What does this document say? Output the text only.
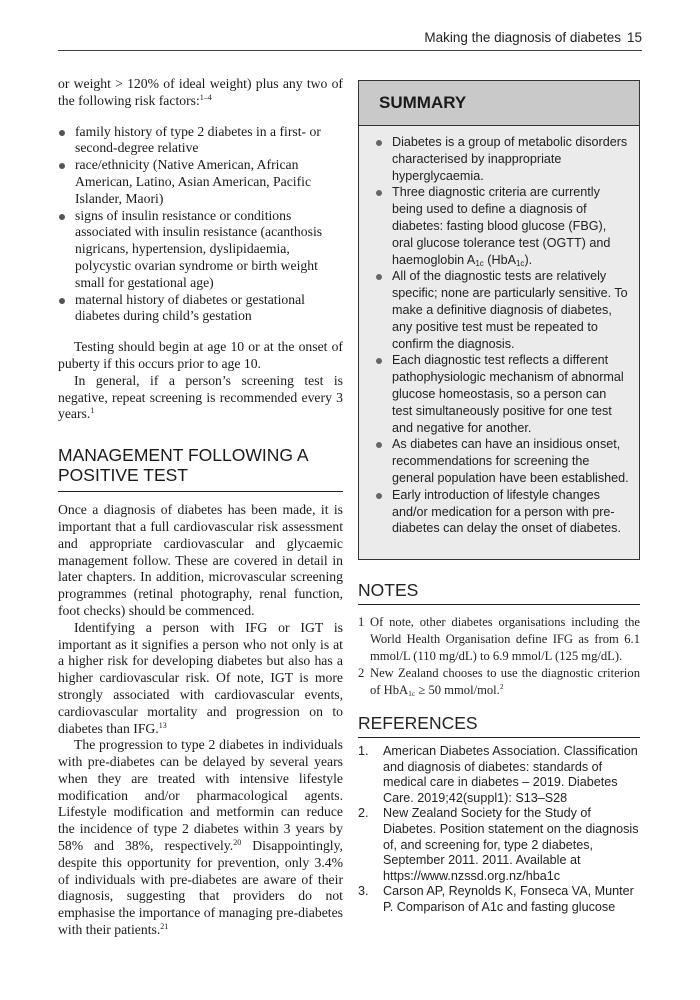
Making the diagnosis of diabetes 15

or weight > 120% of ideal weight) plus any two of the following risk factors:$^{1-4}$

family history of type 2 diabetes in a first- or second-degree relative
race/ethnicity (Native American, African American, Latino, Asian American, Pacific Islander, Maori)
signs of insulin resistance or conditions associated with insulin resistance (acanthosis nigricans, hypertension, dyslipidaemia, polycystic ovarian syndrome or birth weight small for gestational age)
maternal history of diabetes or gestational diabetes during child’s gestation

Testing should begin at age 10 or at the onset of puberty if this occurs prior to age 10.

In general, if a person’s screening test is negative, repeat screening is recommended every 3 years.$^1$

MANAGEMENT FOLLOWING A POSITIVE TEST

Once a diagnosis of diabetes has been made, it is important that a full cardiovascular risk assessment and appropriate cardiovascular and glycaemic management follow. These are covered in detail in later chapters. In addition, microvascular screening programmes (retinal photography, renal function, foot checks) should be commenced.

Identifying a person with IFG or IGT is important as it signifies a person who not only is at a higher risk for developing diabetes but also has a higher cardiovascular risk. Of note, IGT is more strongly associated with cardiovascular events, cardiovascular mortality and progression on to diabetes than IFG.$^{13}$

The progression to type 2 diabetes in individuals with pre-diabetes can be delayed by several years when they are treated with intensive lifestyle modification and/or pharmacological agents. Lifestyle modification and metformin can reduce the incidence of type 2 diabetes within 3 years by 58% and 38%, respectively.$^{20}$ Disappointingly, despite this opportunity for prevention, only 3.4% of individuals with pre-diabetes are aware of their diagnosis, suggesting that providers do not emphasise the importance of managing pre-diabetes with their patients.$^{21}$

SUMMARY
Diabetes is a group of metabolic disorders characterised by inappropriate hyperglycaemia.
Three diagnostic criteria are currently being used to define a diagnosis of diabetes: fasting blood glucose (FBG), oral glucose tolerance test (OGTT) and haemoglobin $A_{1c}$ (HbA$_{1c}$).
All of the diagnostic tests are relatively specific; none are particularly sensitive. To make a definitive diagnosis of diabetes, any positive test must be repeated to confirm the diagnosis.
Each diagnostic test reflects a different pathophysiologic mechanism of abnormal glucose homeostasis, so a person can test simultaneously positive for one test and negative for another.
As diabetes can have an insidious onset, recommendations for screening the general population have been established.
Early introduction of lifestyle changes and/or medication for a person with pre-diabetes can delay the onset of diabetes.
NOTES
1 Of note, other diabetes organisations including the World Health Organisation define IFG as from 6.1 mmol/L (110 mg/dL) to 6.9 mmol/L (125 mg/dL).
2 New Zealand chooses to use the diagnostic criterion of HbA$_{1c}$ ≥ 50 mmol/mol.$^2$
REFERENCES
1. American Diabetes Association. Classification and diagnosis of diabetes: standards of medical care in diabetes – 2019. Diabetes Care. 2019;42(suppl1): S13–S28
2. New Zealand Society for the Study of Diabetes. Position statement on the diagnosis of, and screening for, type 2 diabetes, September 2011. 2011. Available at https://www.nzssd.org.nz/hba1c
3. Carson AP, Reynolds K, Fonseca VA, Munter P. Comparison of A1c and fasting glucose
